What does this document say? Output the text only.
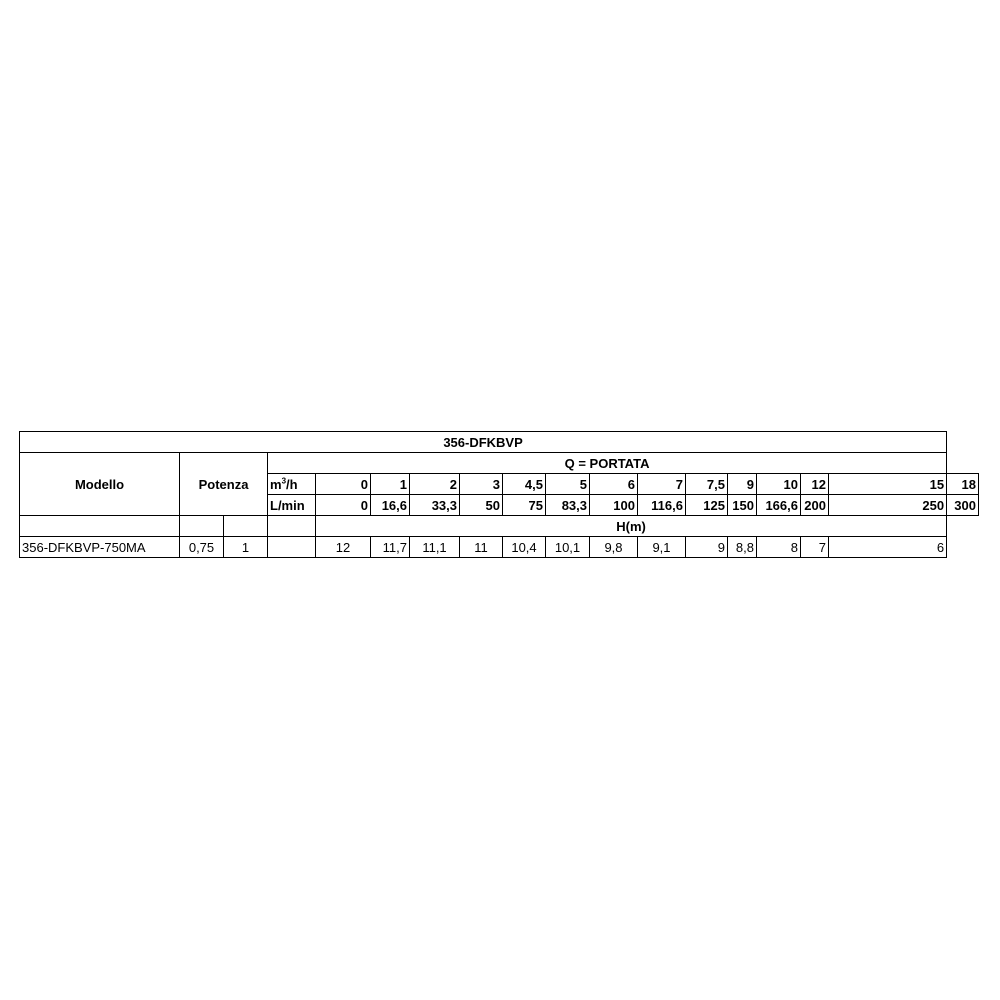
356-DFKBVP																	
Modello	Potenza		Q = PORTATA														
			$m^3/h$	0	1	2	3	4,5	5	6	7	7,5	9	10	12	15	18
			L/min	0	16,6	33,3	50	75	83,3	100	116,6	125	150	166,6	200	250	300
				H(m)													
356-DFKBVP-750MA	0,75	1		12	11,7	11,1	11	10,4	10,1	9,8	9,1	9	8,8	8	7	6	
